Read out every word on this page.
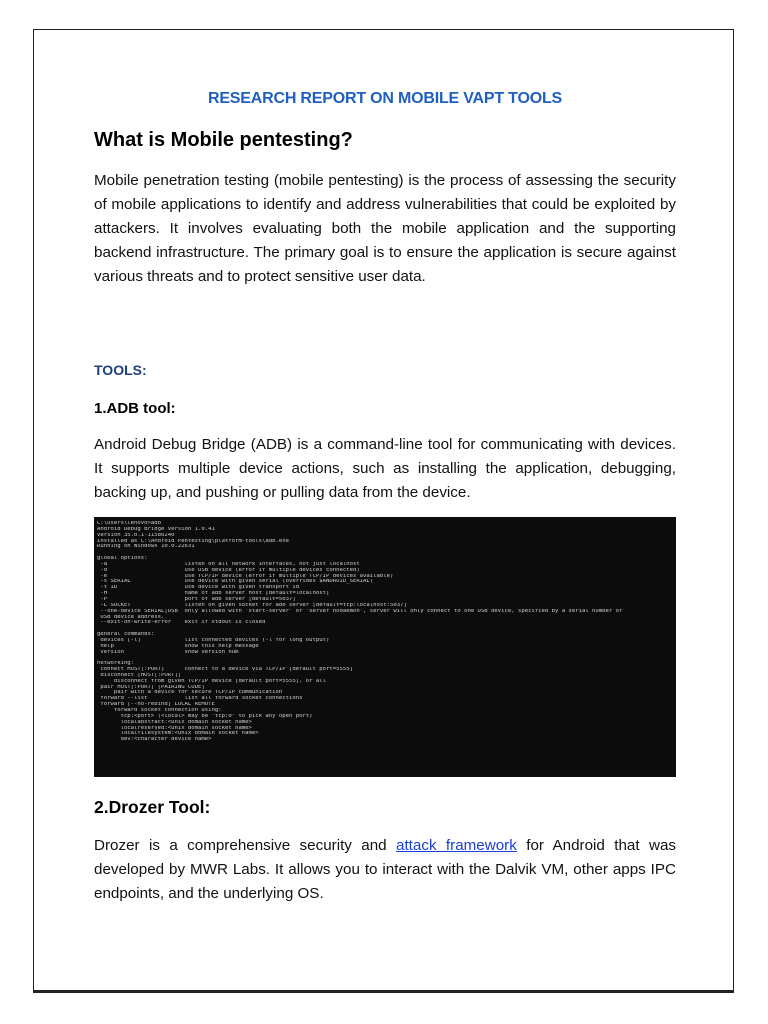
RESEARCH REPORT ON MOBILE VAPT TOOLS
What is Mobile pentesting?

Mobile penetration testing (mobile pentesting) is the process of assessing the security of mobile applications to identify and address vulnerabilities that could be exploited by attackers. It involves evaluating both the mobile application and the supporting backend infrastructure. The primary goal is to ensure the application is secure against various threats and to protect sensitive user data.

TOOLS:
1.ADB tool:

Android Debug Bridge (ADB) is a command-line tool for communicating with devices. It supports multiple device actions, such as installing the application, debugging, backing up, and pushing or pulling data from the device.

C:\Users\lenovo>adb
Android Debug Bridge version 1.0.41
Version 35.0.1-11580240
Installed as C:\Android Pentesting\platform-tools\adb.exe
Running on Windows 10.0.22631
global options:
-a                       listen on all network interfaces, not just localhost
-d                       use USB device (error if multiple devices connected)
-e                       use TCP/IP device (error if multiple TCP/IP devices available)
-s SERIAL                use device with given serial (overrides $ANDROID_SERIAL)
-t ID                    use device with given transport id
-H                       name of adb server host [default=localhost]
-P                       port of adb server [default=5037]
-L SOCKET                listen on given socket for adb server [default=tcp:localhost:5037]
--one-device SERIAL|USB  only allowed with 'start-server' or 'server nodaemon', server will only connect to one USB device, specified by a serial number or
USB device address.
--exit-on-write-error    exit if stdout is closed
general commands:
devices [-l]             list connected devices (-l for long output)
help                     show this help message
version                  show version num
networking:
connect HOST[:PORT]      connect to a device via TCP/IP [default port=5555]
disconnect [HOST[:PORT]]
disconnect from given TCP/IP device [default port=5555], or all
pair HOST[:PORT] [PAIRING CODE]
pair with a device for secure TCP/IP communication
forward --list           list all forward socket connections
forward [--no-rebind] LOCAL REMOTE
forward socket connection using:
tcp:<port> (<local> may be "tcp:0" to pick any open port)
localabstract:<unix domain socket name>
localreserved:<unix domain socket name>
localfilesystem:<unix domain socket name>
dev:<character device name>
2.Drozer Tool:

Drozer is a comprehensive security and attack framework for Android that was developed by MWR Labs. It allows you to interact with the Dalvik VM, other apps IPC endpoints, and the underlying OS.
